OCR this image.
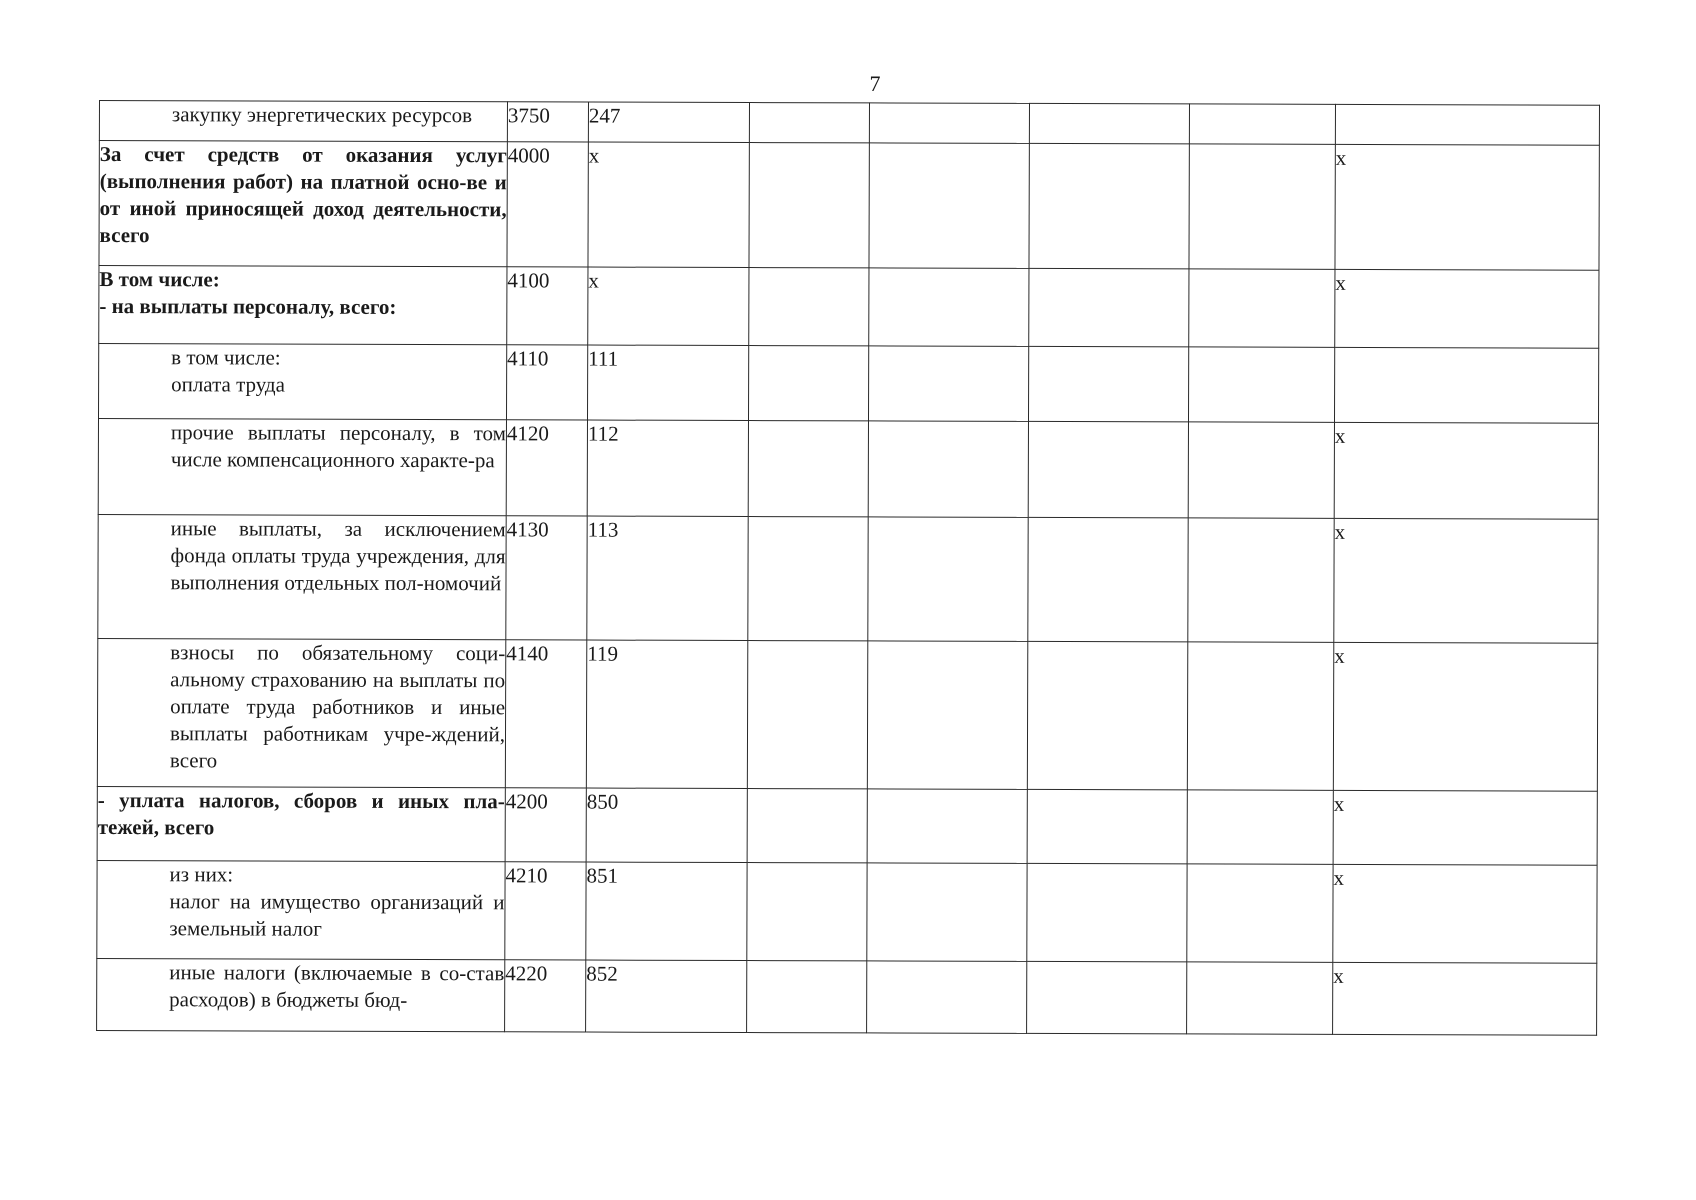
7
закупку энергетических ресурсов	3750	247					

За счет средств от оказания услуг (выполнения работ) на платной осно-ве и от иной приносящей доход деятельности, всего	4000	x					x

В том числе:
- на выплаты персоналу, всего:	4100	x					x

в том числе:
оплата труда	4110	111					

прочие выплаты персоналу, в том числе компенсационного характе-ра	4120	112					x

иные выплаты, за исключением фонда оплаты труда учреждения, для выполнения отдельных пол-номочий	4130	113					x

взносы по обязательному соци-альному страхованию на выплаты по оплате труда работников и иные выплаты работникам учре-ждений, всего	4140	119					x

- уплата налогов, сборов и иных пла-тежей, всего	4200	850					x

из них:
налог на имущество организаций и земельный налог	4210	851					x

иные налоги (включаемые в со-став расходов) в бюджеты бюд-	4220	852					x
